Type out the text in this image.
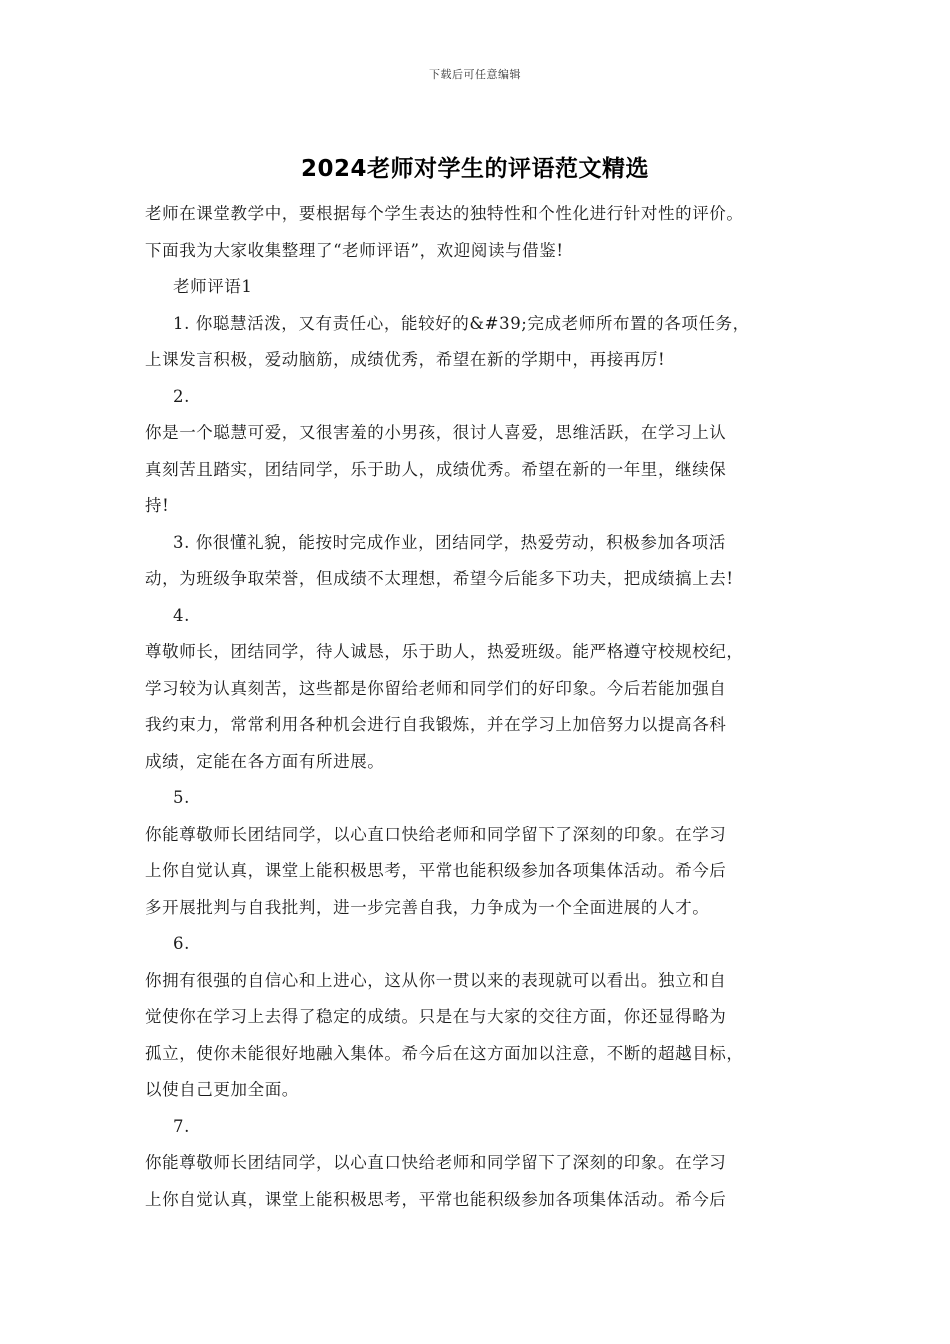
下载后可任意编辑
2024老师对学生的评语范文精选
老师在课堂教学中，要根据每个学生表达的独特性和个性化进行针对性的评价。
下面我为大家收集整理了“老师评语”，欢迎阅读与借鉴!
老师评语1
1. 你聪慧活泼，又有责任心，能较好的&#39;完成老师所布置的各项任务，
上课发言积极，爱动脑筋，成绩优秀，希望在新的学期中，再接再厉!
2.
你是一个聪慧可爱，又很害羞的小男孩，很讨人喜爱，思维活跃，在学习上认
真刻苦且踏实，团结同学，乐于助人，成绩优秀。希望在新的一年里，继续保
持!
3. 你很懂礼貌，能按时完成作业，团结同学，热爱劳动，积极参加各项活
动，为班级争取荣誉，但成绩不太理想，希望今后能多下功夫，把成绩搞上去!
4.
尊敬师长，团结同学，待人诚恳，乐于助人，热爱班级。能严格遵守校规校纪，
学习较为认真刻苦，这些都是你留给老师和同学们的好印象。今后若能加强自
我约束力，常常利用各种机会进行自我锻炼，并在学习上加倍努力以提高各科
成绩，定能在各方面有所进展。
5.
你能尊敬师长团结同学，以心直口快给老师和同学留下了深刻的印象。在学习
上你自觉认真，课堂上能积极思考，平常也能积级参加各项集体活动。希今后
多开展批判与自我批判，进一步完善自我，力争成为一个全面进展的人才。
6.
你拥有很强的自信心和上进心，这从你一贯以来的表现就可以看出。独立和自
觉使你在学习上去得了稳定的成绩。只是在与大家的交往方面，你还显得略为
孤立，使你未能很好地融入集体。希今后在这方面加以注意，不断的超越目标，
以使自己更加全面。
7.
你能尊敬师长团结同学，以心直口快给老师和同学留下了深刻的印象。在学习
上你自觉认真，课堂上能积极思考，平常也能积级参加各项集体活动。希今后
